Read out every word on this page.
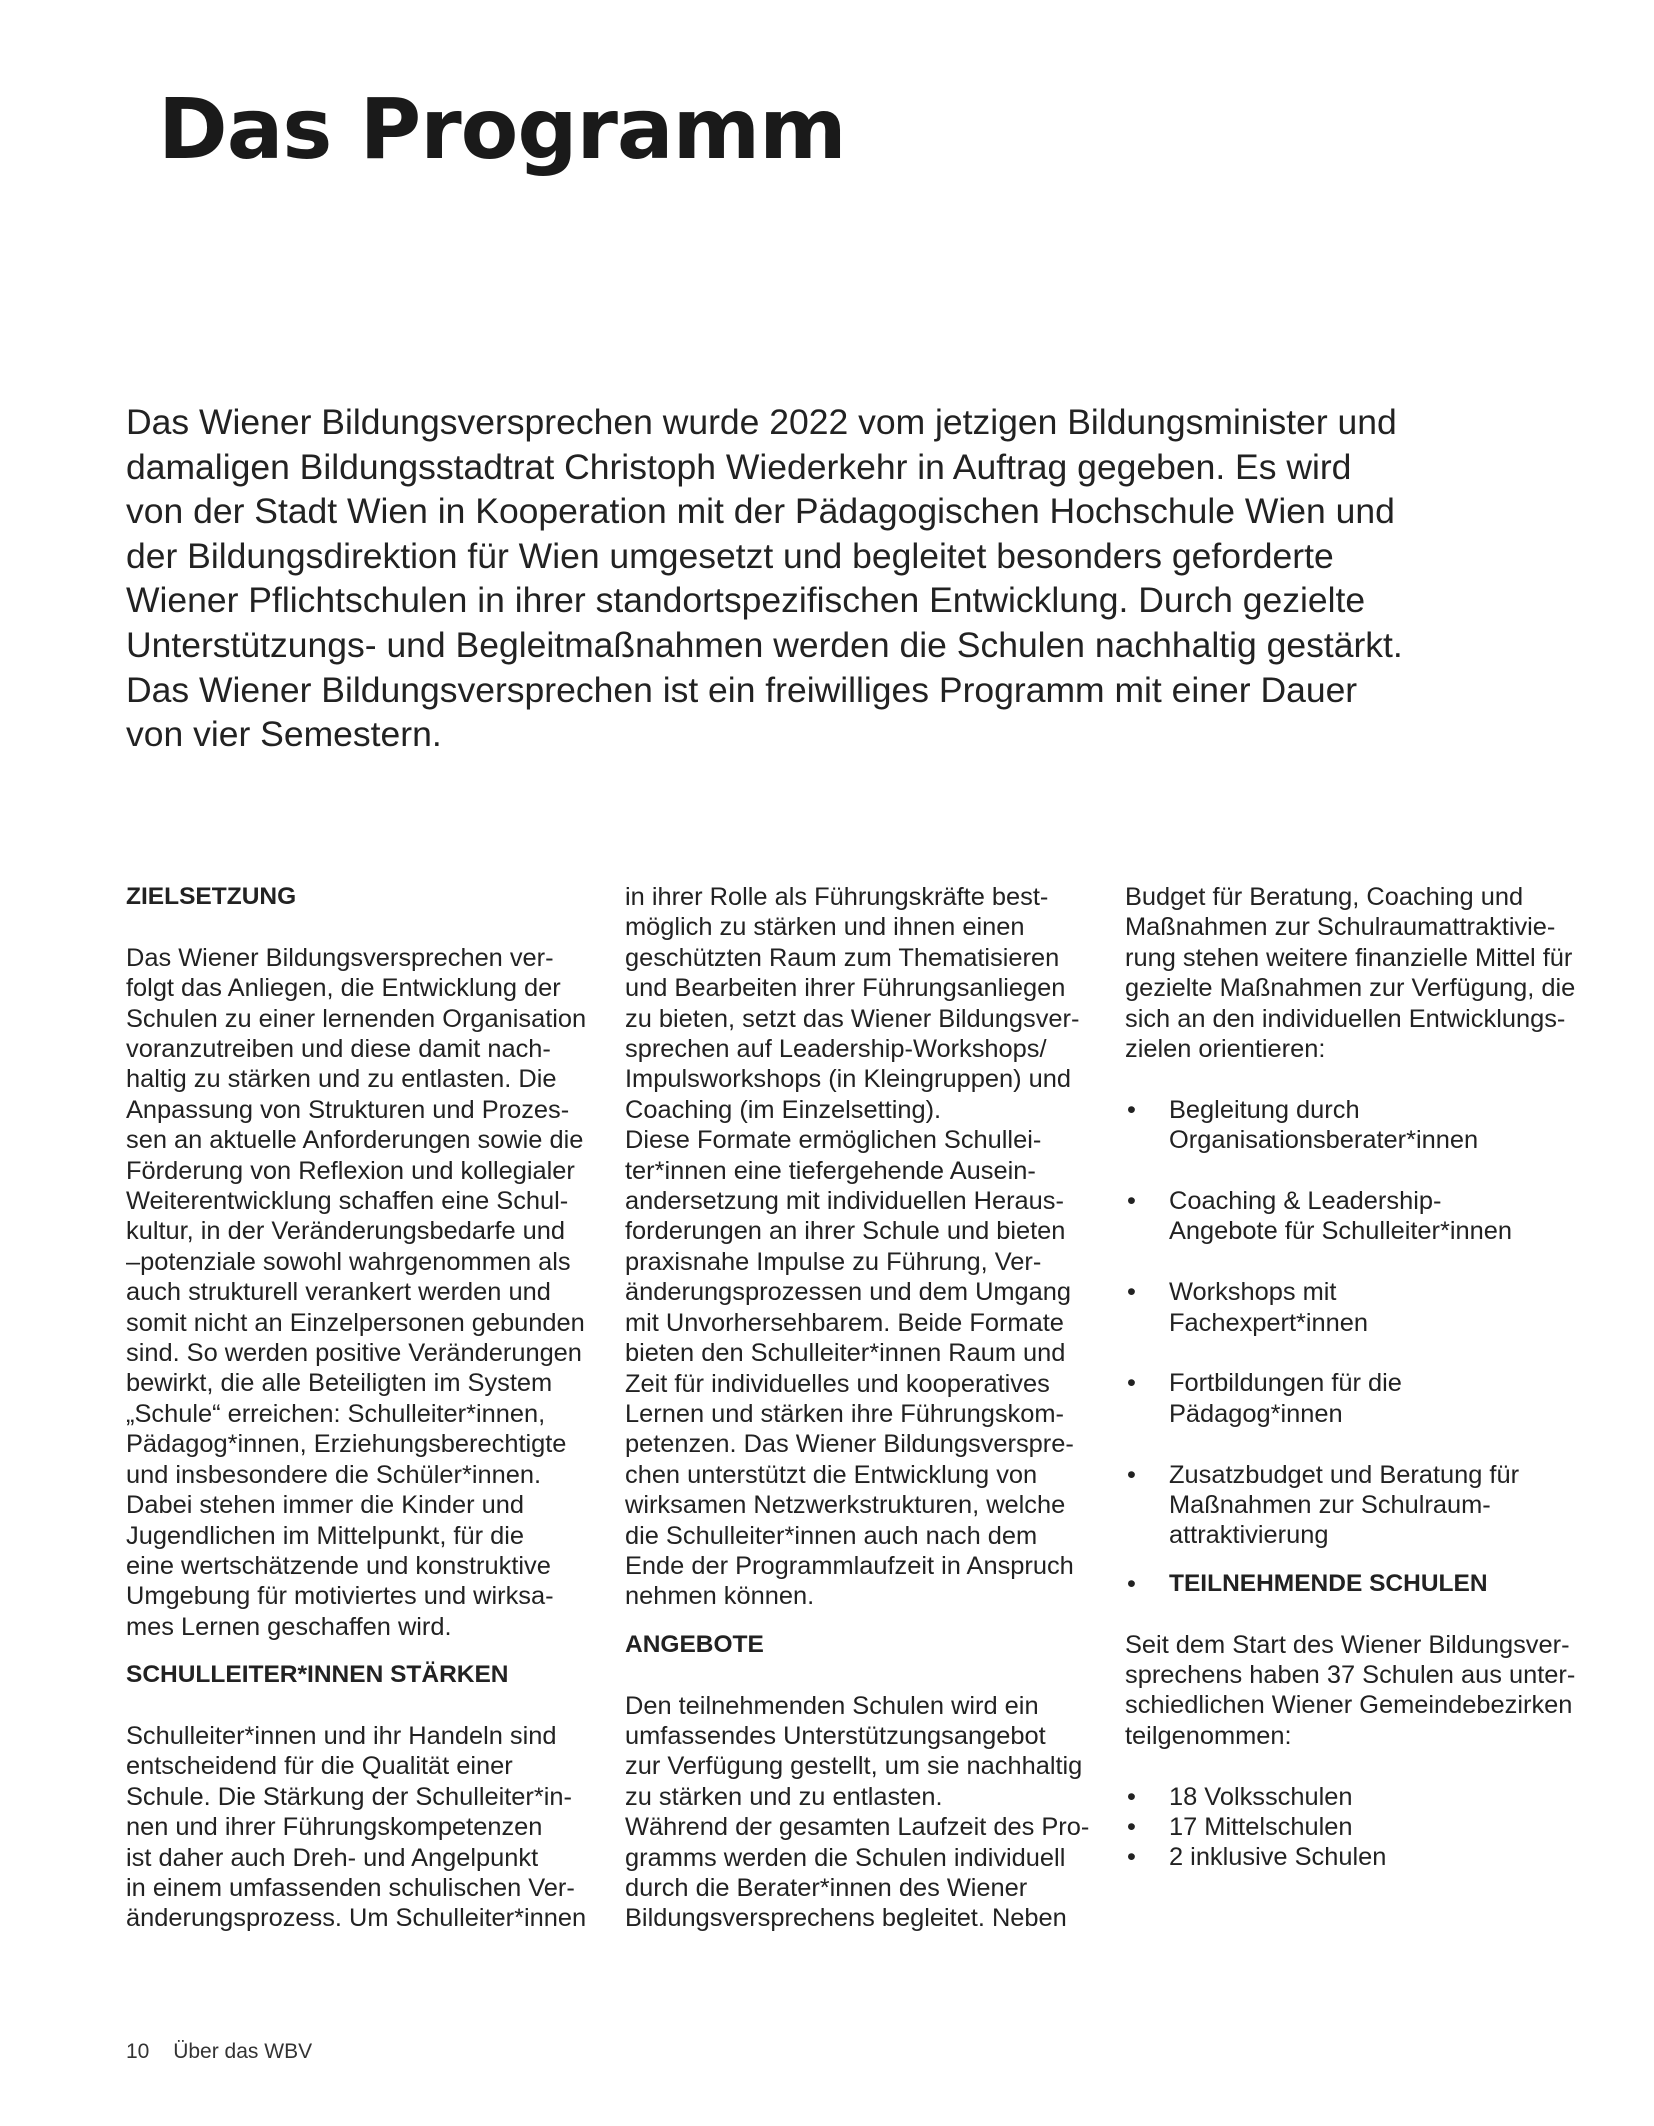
Das Programm
Das Wiener Bildungsversprechen wurde 2022 vom jetzigen Bildungsminister und
damaligen Bildungsstadtrat Christoph Wiederkehr in Auftrag gegeben. Es wird
von der Stadt Wien in Kooperation mit der Pädagogischen Hochschule Wien und
der Bildungsdirektion für Wien umgesetzt und begleitet besonders geforderte
Wiener Pflichtschulen in ihrer standortspezifischen Entwicklung. Durch gezielte
Unterstützungs- und Begleitmaßnahmen werden die Schulen nachhaltig gestärkt.
Das Wiener Bildungsversprechen ist ein freiwilliges Programm mit einer Dauer
von vier Semestern.
ZIELSETZUNG
Das Wiener Bildungsversprechen ver-
folgt das Anliegen, die Entwicklung der
Schulen zu einer lernenden Organisation
voranzutreiben und diese damit nach-
haltig zu stärken und zu entlasten. Die
Anpassung von Strukturen und Prozes-
sen an aktuelle Anforderungen sowie die
Förderung von Reflexion und kollegialer
Weiterentwicklung schaffen eine Schul-
kultur, in der Veränderungsbedarfe und
–potenziale sowohl wahrgenommen als
auch strukturell verankert werden und
somit nicht an Einzelpersonen gebunden
sind. So werden positive Veränderungen
bewirkt, die alle Beteiligten im System
„Schule“ erreichen: Schulleiter*innen,
Pädagog*innen, Erziehungsberechtigte
und insbesondere die Schüler*innen.
Dabei stehen immer die Kinder und
Jugendlichen im Mittelpunkt, für die
eine wertschätzende und konstruktive
Umgebung für motiviertes und wirksa-
mes Lernen geschaffen wird.
SCHULLEITER*INNEN STÄRKEN
Schulleiter*innen und ihr Handeln sind
entscheidend für die Qualität einer
Schule. Die Stärkung der Schulleiter*in-
nen und ihrer Führungskompetenzen
ist daher auch Dreh- und Angelpunkt
in einem umfassenden schulischen Ver-
änderungsprozess. Um Schulleiter*innen
in ihrer Rolle als Führungskräfte best-
möglich zu stärken und ihnen einen
geschützten Raum zum Thematisieren
und Bearbeiten ihrer Führungsanliegen
zu bieten, setzt das Wiener Bildungsver-
sprechen auf Leadership-Workshops/
Impulsworkshops (in Kleingruppen) und
Coaching (im Einzelsetting).
Diese Formate ermöglichen Schullei-
ter*innen eine tiefergehende Ausein-
andersetzung mit individuellen Heraus-
forderungen an ihrer Schule und bieten
praxisnahe Impulse zu Führung, Ver-
änderungsprozessen und dem Umgang
mit Unvorhersehbarem. Beide Formate
bieten den Schulleiter*innen Raum und
Zeit für individuelles und kooperatives
Lernen und stärken ihre Führungskom-
petenzen. Das Wiener Bildungsverspre-
chen unterstützt die Entwicklung von
wirksamen Netzwerkstrukturen, welche
die Schulleiter*innen auch nach dem
Ende der Programmlaufzeit in Anspruch
nehmen können.
ANGEBOTE
Den teilnehmenden Schulen wird ein
umfassendes Unterstützungsangebot
zur Verfügung gestellt, um sie nachhaltig
zu stärken und zu entlasten.
Während der gesamten Laufzeit des Pro-
gramms werden die Schulen individuell
durch die Berater*innen des Wiener
Bildungsversprechens begleitet. Neben
Budget für Beratung, Coaching und
Maßnahmen zur Schulraumattraktivie-
rung stehen weitere finanzielle Mittel für
gezielte Maßnahmen zur Verfügung, die
sich an den individuellen Entwicklungs-
zielen orientieren:
•	Begleitung durch
Organisationsberater*innen
•	Coaching & Leadership-
Angebote für Schulleiter*innen
•	Workshops mit
Fachexpert*innen
•	Fortbildungen für die
Pädagog*innen
•	Zusatzbudget und Beratung für
Maßnahmen zur Schulraum-
attraktivierung
•	TEILNEHMENDE SCHULEN
Seit dem Start des Wiener Bildungsver-
sprechens haben 37 Schulen aus unter-
schiedlichen Wiener Gemeindebezirken
teilgenommen:
•	18 Volksschulen
•	17 Mittelschulen
•	2 inklusive Schulen
10 Über das WBV
